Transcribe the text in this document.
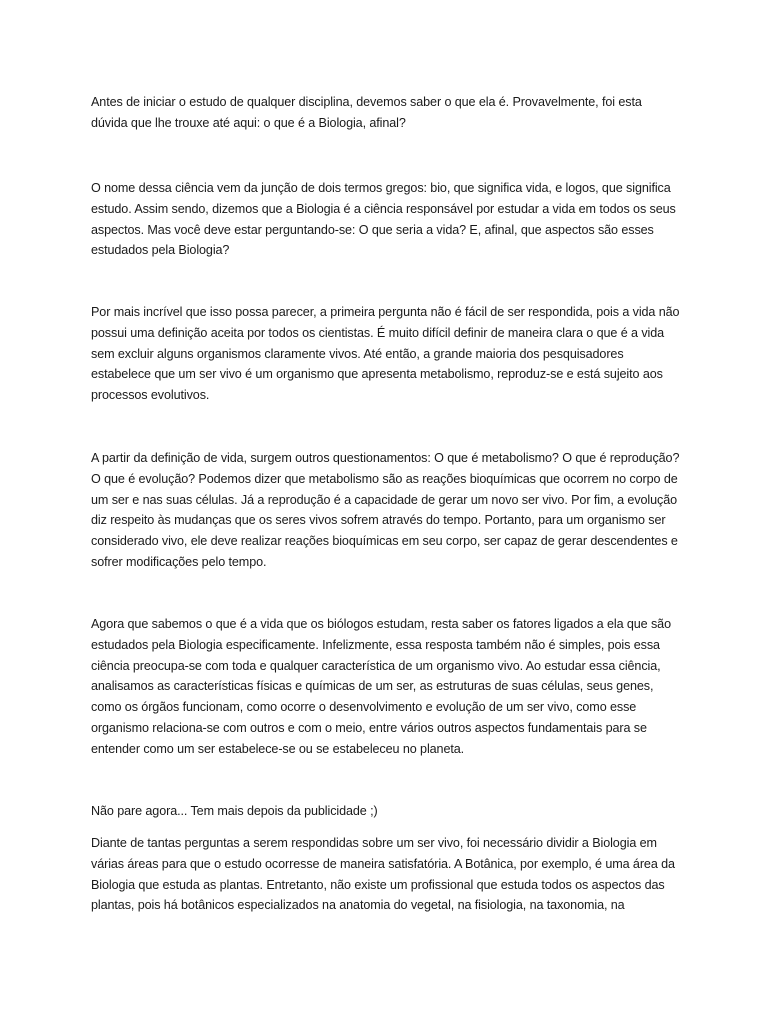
Antes de iniciar o estudo de qualquer disciplina, devemos saber o que ela é. Provavelmente, foi esta dúvida que lhe trouxe até aqui: o que é a Biologia, afinal?

O nome dessa ciência vem da junção de dois termos gregos: bio, que significa vida, e logos, que significa estudo. Assim sendo, dizemos que a Biologia é a ciência responsável por estudar a vida em todos os seus aspectos. Mas você deve estar perguntando-se: O que seria a vida? E, afinal, que aspectos são esses estudados pela Biologia?

Por mais incrível que isso possa parecer, a primeira pergunta não é fácil de ser respondida, pois a vida não possui uma definição aceita por todos os cientistas. É muito difícil definir de maneira clara o que é a vida sem excluir alguns organismos claramente vivos. Até então, a grande maioria dos pesquisadores estabelece que um ser vivo é um organismo que apresenta metabolismo, reproduz-se e está sujeito aos processos evolutivos.

A partir da definição de vida, surgem outros questionamentos: O que é metabolismo? O que é reprodução? O que é evolução? Podemos dizer que metabolismo são as reações bioquímicas que ocorrem no corpo de um ser e nas suas células. Já a reprodução é a capacidade de gerar um novo ser vivo. Por fim, a evolução diz respeito às mudanças que os seres vivos sofrem através do tempo. Portanto, para um organismo ser considerado vivo, ele deve realizar reações bioquímicas em seu corpo, ser capaz de gerar descendentes e sofrer modificações pelo tempo.

Agora que sabemos o que é a vida que os biólogos estudam, resta saber os fatores ligados a ela que são estudados pela Biologia especificamente. Infelizmente, essa resposta também não é simples, pois essa ciência preocupa-se com toda e qualquer característica de um organismo vivo. Ao estudar essa ciência, analisamos as características físicas e químicas de um ser, as estruturas de suas células, seus genes, como os órgãos funcionam, como ocorre o desenvolvimento e evolução de um ser vivo, como esse organismo relaciona-se com outros e com o meio, entre vários outros aspectos fundamentais para se entender como um ser estabelece-se ou se estabeleceu no planeta.

Não pare agora... Tem mais depois da publicidade ;)

Diante de tantas perguntas a serem respondidas sobre um ser vivo, foi necessário dividir a Biologia em várias áreas para que o estudo ocorresse de maneira satisfatória. A Botânica, por exemplo, é uma área da Biologia que estuda as plantas. Entretanto, não existe um profissional que estuda todos os aspectos das plantas, pois há botânicos especializados na anatomia do vegetal, na fisiologia, na taxonomia, na
